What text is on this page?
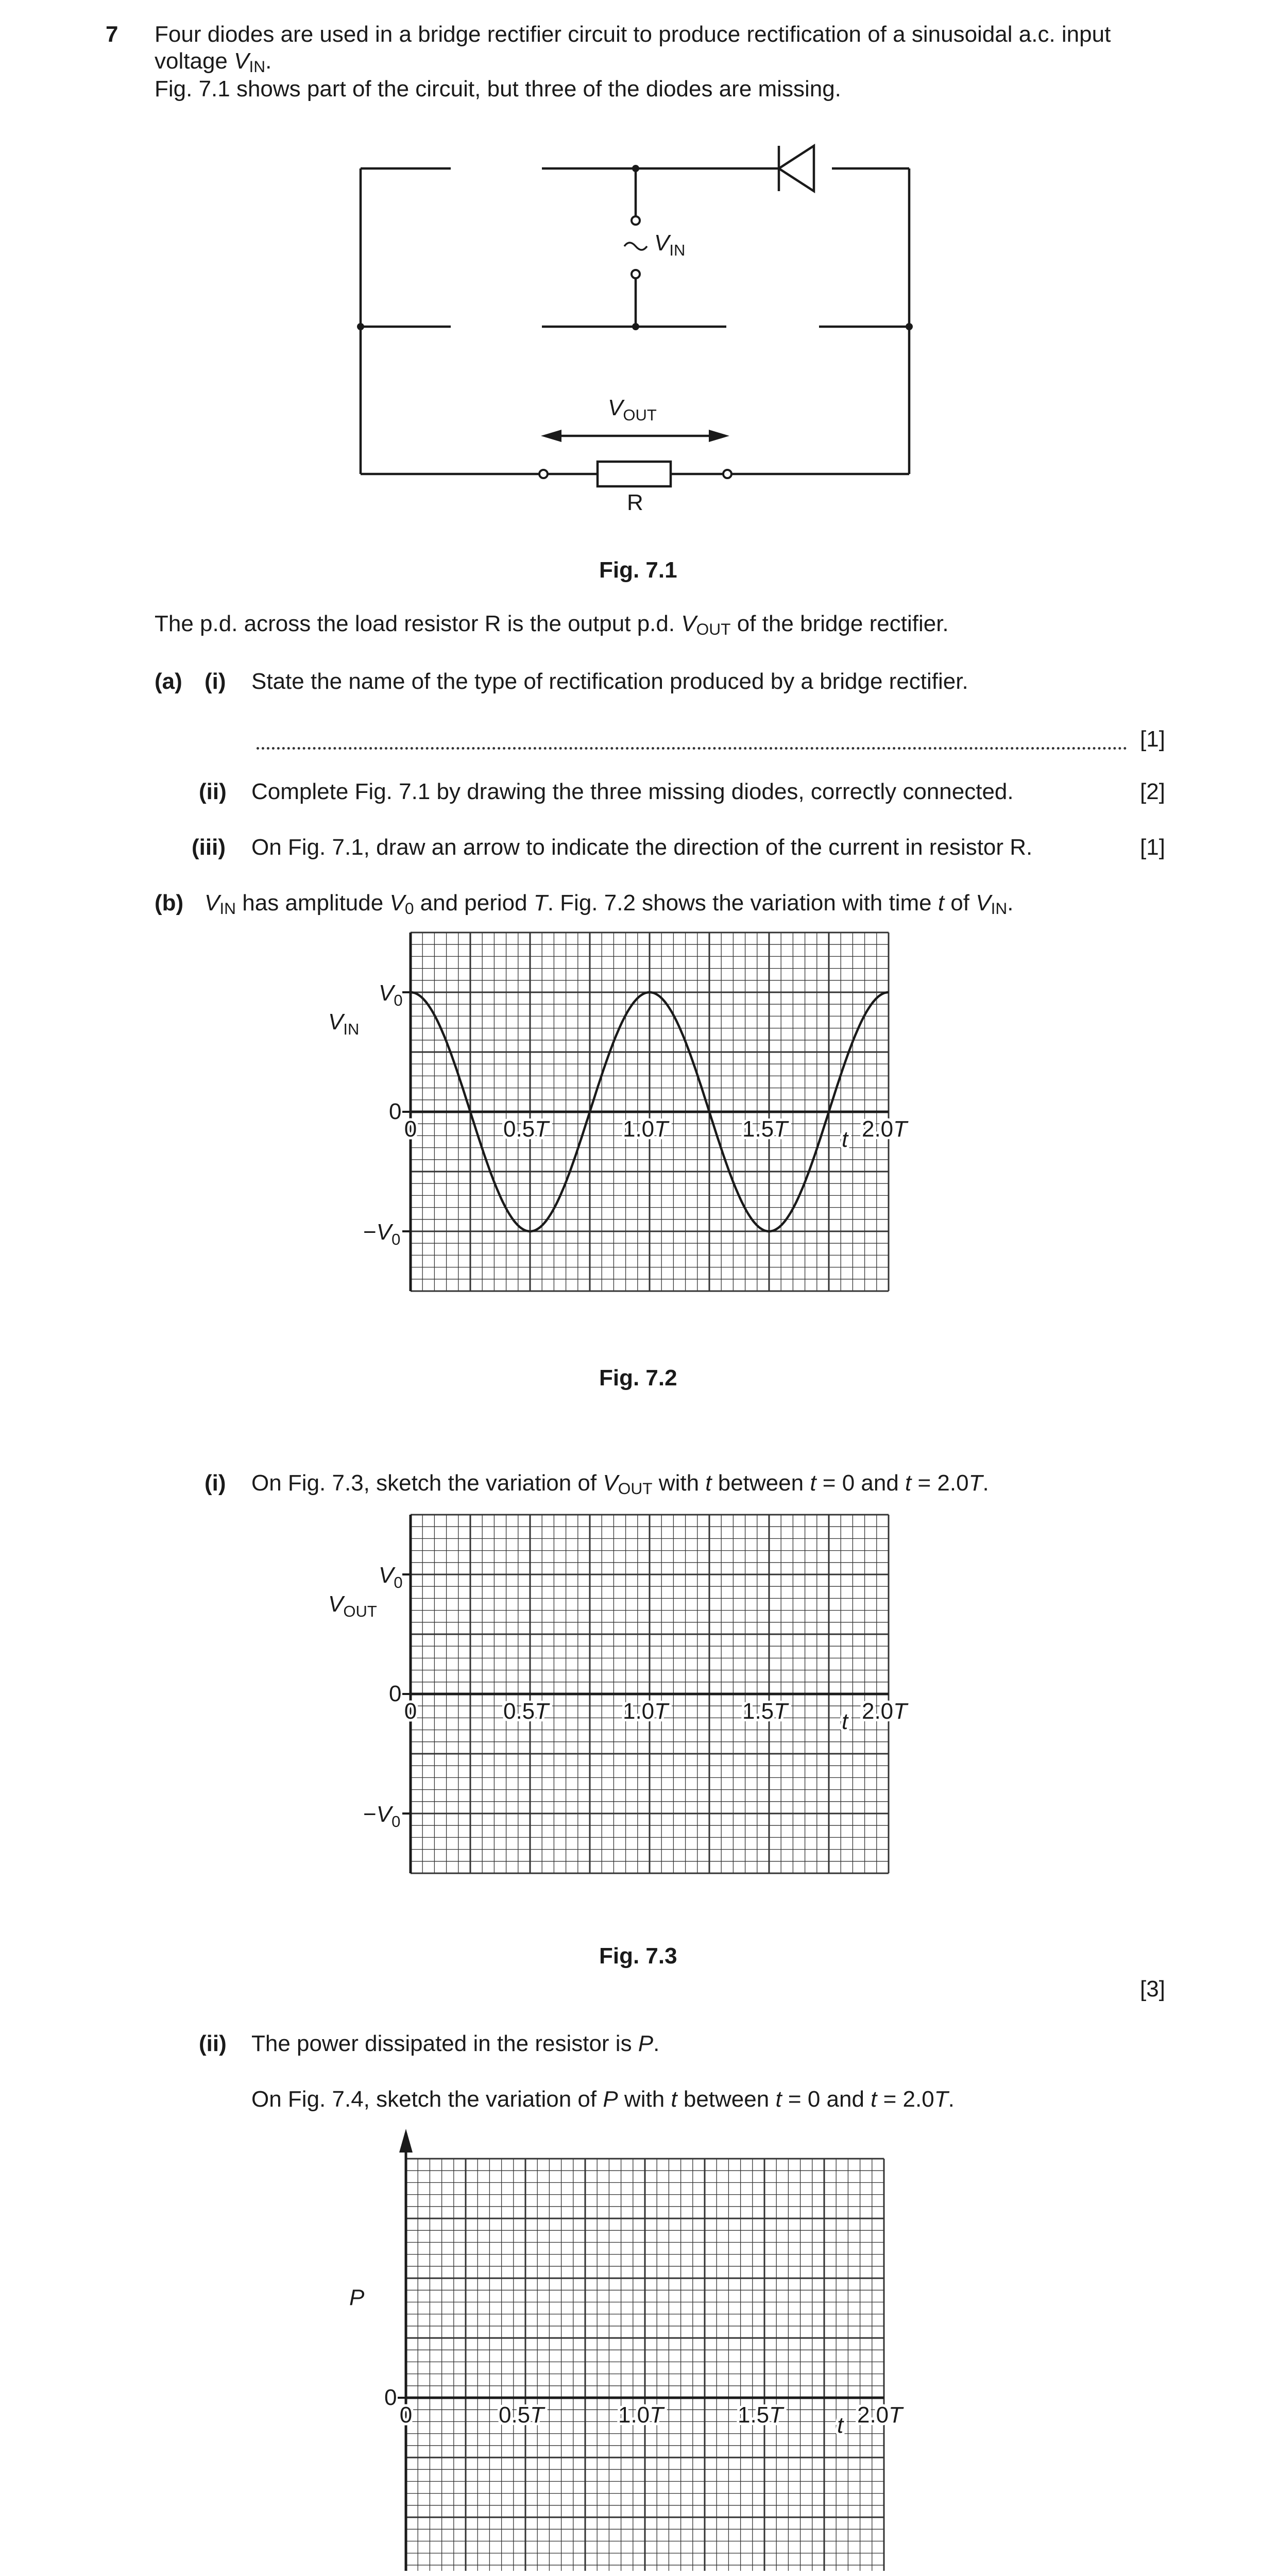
7 Four diodes are used in a bridge rectifier circuit to produce rectification of a sinusoidal a.c. input
voltage $V_{IN}$.
Fig. 7.1 shows part of the circuit, but three of the diodes are missing.
$V_{IN}$
$V_{OUT}$
R
Fig. 7.1
The p.d. across the load resistor R is the output p.d. $V_{OUT}$ of the bridge rectifier.
(a) (i) State the name of the type of rectification produced by a bridge rectifier.
[1]
(ii) Complete Fig. 7.1 by drawing the three missing diodes, correctly connected.	[2]
(iii) On Fig. 7.1, draw an arrow to indicate the direction of the current in resistor R.	[1]
(b) $V_{IN}$ has amplitude $V_0$ and period T. Fig. 7.2 shows the variation with time t of $V_{IN}$.
0
$V_0$
$-V_0$
$V_{IN}$
0	0.5T	1.0T	1.5T	2.0T
t
Fig. 7.2
(i) On Fig. 7.3, sketch the variation of $V_{OUT}$ with t between t = 0 and t = 2.0T.
0
$V_0$
$-V_0$
$V_{OUT}$
0	0.5T	1.0T	1.5T	2.0T
t
Fig. 7.3
[3]
(ii) The power dissipated in the resistor is P.
On Fig. 7.4, sketch the variation of P with t between t = 0 and t = 2.0T.
0
P
0	0.5T	1.0T	1.5T	2.0T
t
